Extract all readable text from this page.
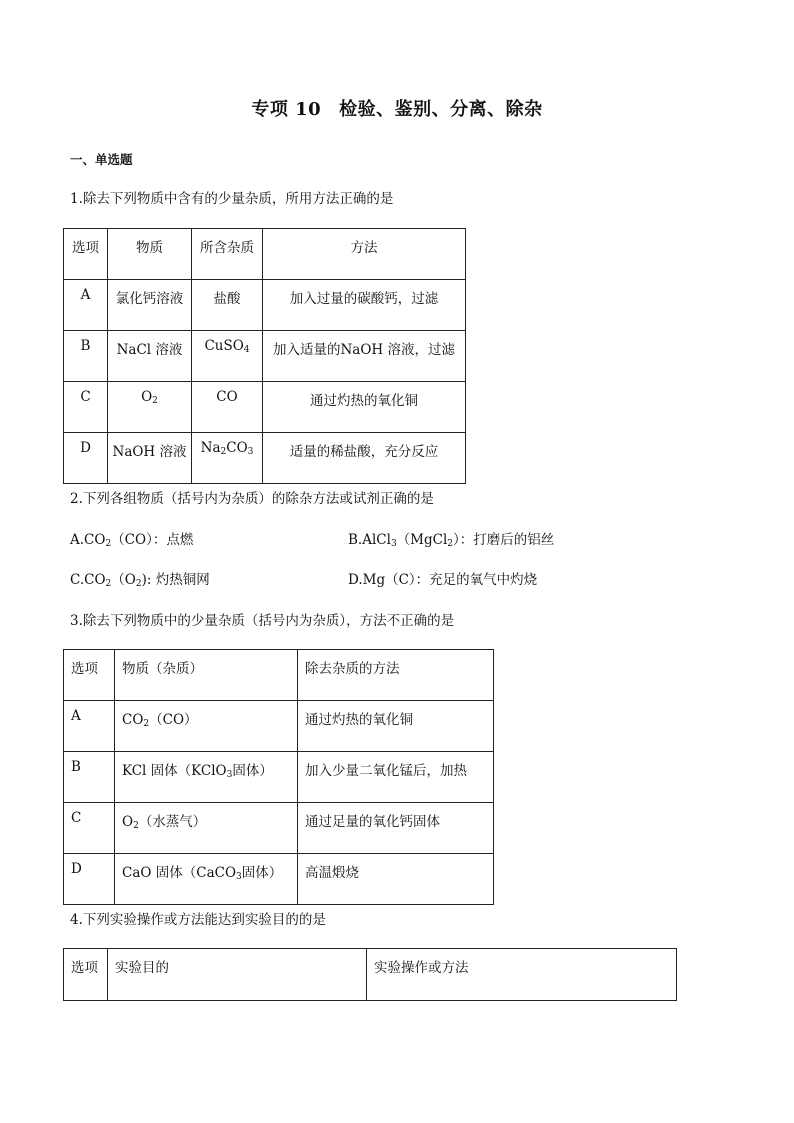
专项 10 检验、鉴别、分离、除杂
一、单选题
1.除去下列物质中含有的少量杂质，所用方法正确的是
选项	物质	所含杂质	方法
A	氯化钙溶液	盐酸	加入过量的碳酸钙，过滤
B	NaCl 溶液	CuSO$_4$	加入适量的NaOH 溶液，过滤
C	$O_2$	CO	通过灼热的氧化铜
D	NaOH 溶液	$Na_2CO_3$	适量的稀盐酸，充分反应
2.下列各组物质（括号内为杂质）的除杂方法或试剂正确的是
$A.CO_2(CO)$：点燃	B.AlCl$_3$（MgCl$_2$）：打磨后的铝丝
$C.CO_2(O_2)$: 灼热铜网	D.Mg（C）：充足的氧气中灼烧
3.除去下列物质中的少量杂质（括号内为杂质），方法不正确的是
选项	物质（杂质）	除去杂质的方法
A	$CO_2(CO)$	通过灼热的氧化铜
B	KCl 固体（KClO$_3$固体）	加入少量二氧化锰后，加热
C	$O_2$（水蒸气）	通过足量的氧化钙固体
D	CaO 固体（CaCO$_3$固体）	高温煅烧
4.下列实验操作或方法能达到实验目的的是
选项	实验目的	实验操作或方法
